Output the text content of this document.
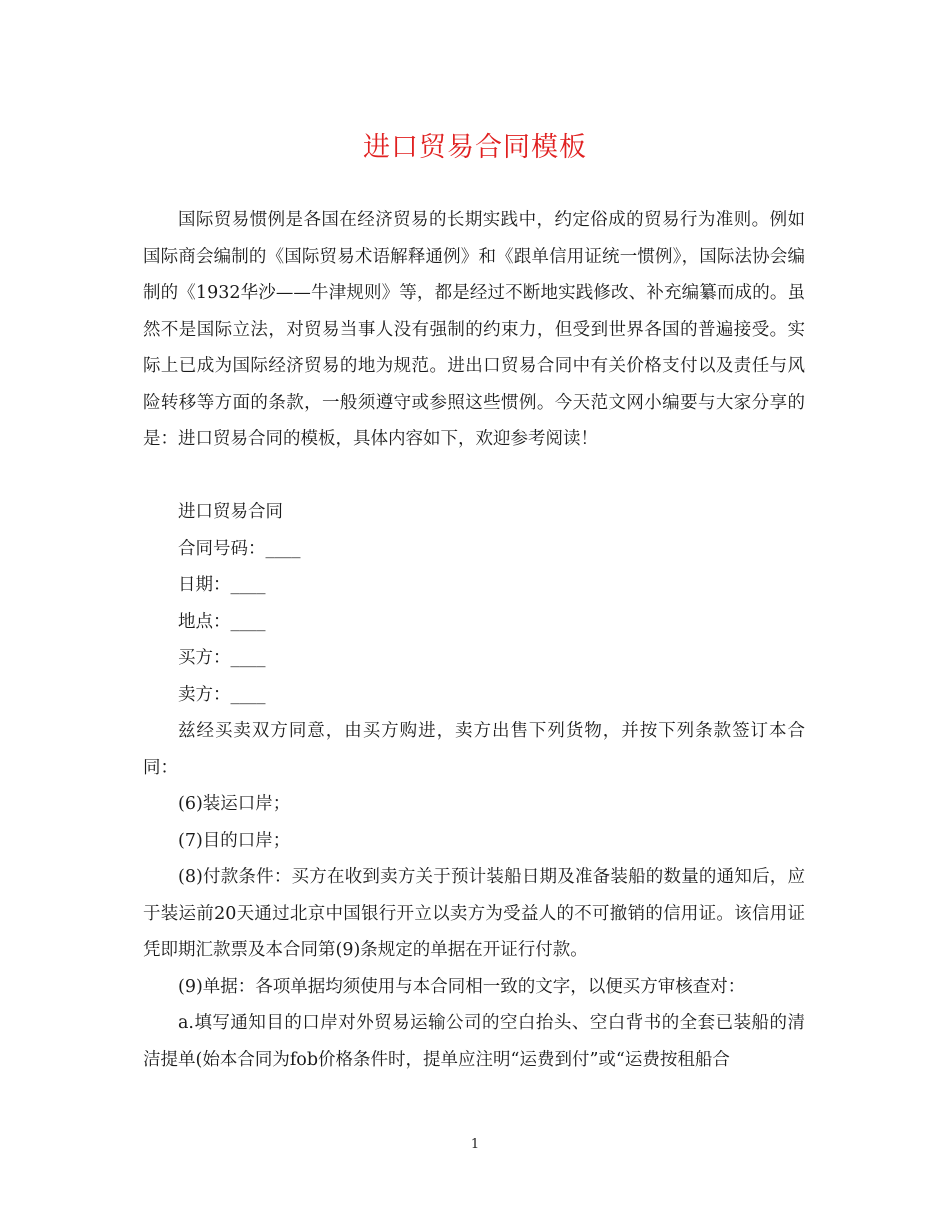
进口贸易合同模板

国际贸易惯例是各国在经济贸易的长期实践中，约定俗成的贸易行为准则。例如国际商会编制的《国际贸易术语解释通例》和《跟单信用证统一惯例》，国际法协会编制的《1932华沙——牛津规则》等，都是经过不断地实践修改、补充编纂而成的。虽然不是国际立法，对贸易当事人没有强制的约束力，但受到世界各国的普遍接受。实际上已成为国际经济贸易的地为规范。进出口贸易合同中有关价格支付以及责任与风险转移等方面的条款，一般须遵守或参照这些惯例。今天范文网小编要与大家分享的是：进口贸易合同的模板，具体内容如下，欢迎参考阅读！

进口贸易合同

合同号码：____

日期：____

地点：____

买方：____

卖方：____

兹经买卖双方同意，由买方购进，卖方出售下列货物，并按下列条款签订本合同：

(6)装运口岸；

(7)目的口岸；

(8)付款条件：买方在收到卖方关于预计装船日期及准备装船的数量的通知后，应于装运前20天通过北京中国银行开立以卖方为受益人的不可撤销的信用证。该信用证凭即期汇款票及本合同第(9)条规定的单据在开证行付款。

(9)单据：各项单据均须使用与本合同相一致的文字，以便买方审核查对：

a.填写通知目的口岸对外贸易运输公司的空白抬头、空白背书的全套已装船的清洁提单(始本合同为fob价格条件时，提单应注明“运费到付”或“运费按租船合

1
